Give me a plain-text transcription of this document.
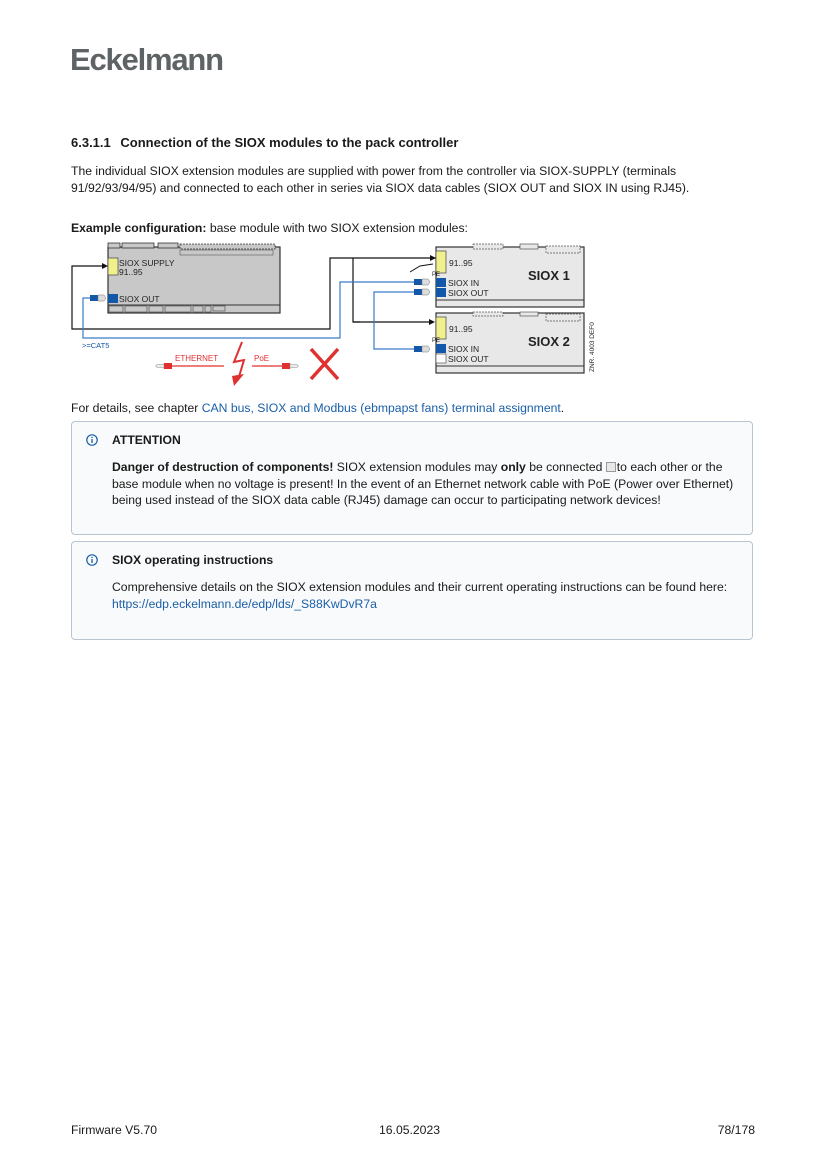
Eckelmann
6.3.1.1 Connection of the SIOX modules to the pack controller
The individual SIOX extension modules are supplied with power from the controller via SIOX-SUPPLY (terminals 91/92/93/94/95) and connected to each other in series via SIOX data cables (SIOX OUT and SIOX IN using RJ45).
Example configuration: base module with two SIOX extension modules:
SIOX SUPPLY
91..95
SIOX OUT
>=CAT5
91..95
PE
SIOX IN
SIOX OUT
SIOX 1
91..95
PE
SIOX IN
SIOX OUT
SIOX 2	ZNR. 4003 DEF0
ETHERNET	PoE
For details, see chapter CAN bus, SIOX and Modbus (ebmpapst fans) terminal assignment.
ATTENTION
Danger of destruction of components! SIOX extension modules may only be connected to each other or the base module when no voltage is present! In the event of an Ethernet network cable with PoE (Power over Ethernet) being used instead of the SIOX data cable (RJ45) damage can occur to participating network devices!
SIOX operating instructions
Comprehensive details on the SIOX extension modules and their current operating instructions can be found here:
https://edp.eckelmann.de/edp/lds/_S88KwDvR7a
Firmware V5.70	16.05.2023	78/178
